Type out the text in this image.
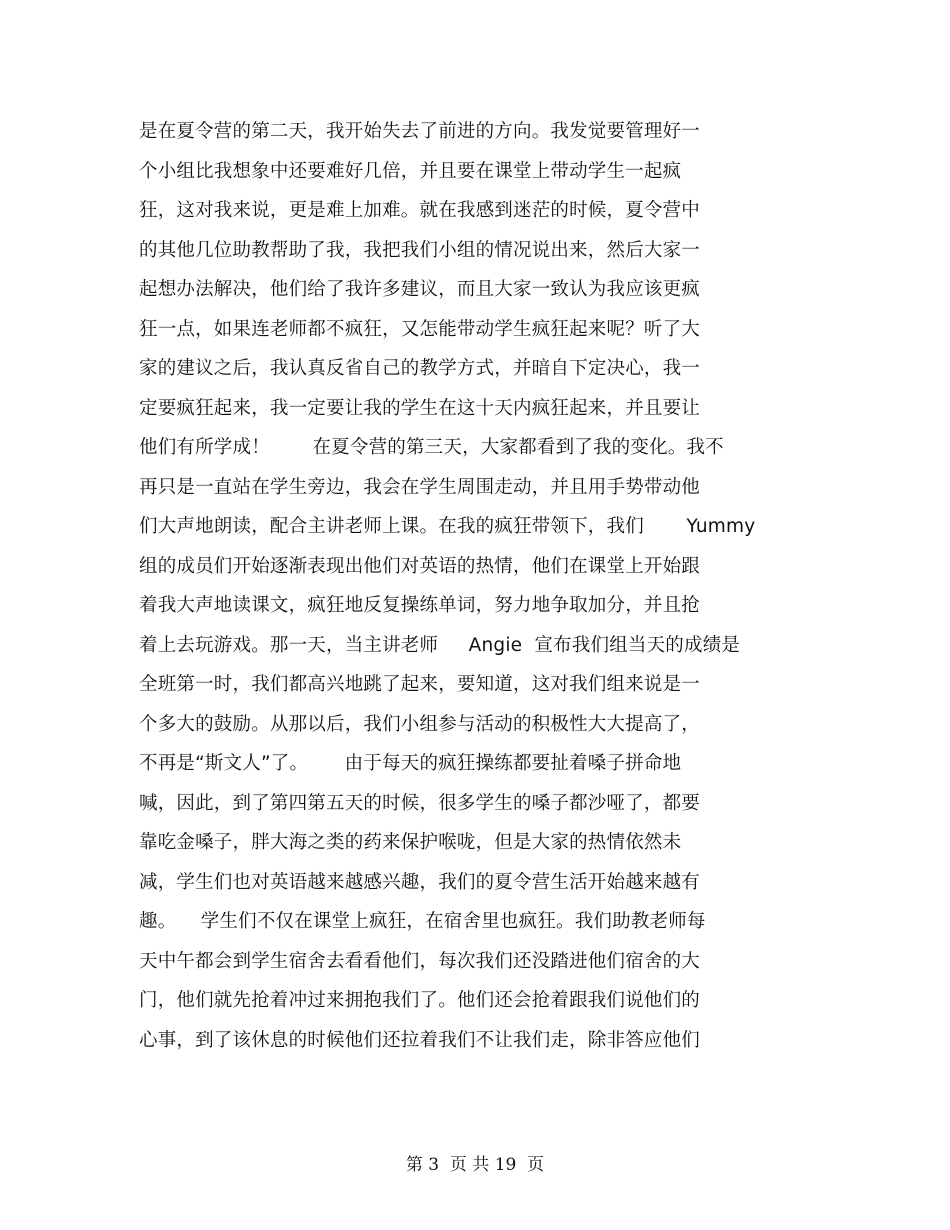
是在夏令营的第二天，我开始失去了前进的方向。我发觉要管理好一
个小组比我想象中还要难好几倍，并且要在课堂上带动学生一起疯
狂，这对我来说，更是难上加难。就在我感到迷茫的时候，夏令营中
的其他几位助教帮助了我，我把我们小组的情况说出来，然后大家一
起想办法解决，他们给了我许多建议，而且大家一致认为我应该更疯
狂一点，如果连老师都不疯狂，又怎能带动学生疯狂起来呢？听了大
家的建议之后，我认真反省自己的教学方式，并暗自下定决心，我一
定要疯狂起来，我一定要让我的学生在这十天内疯狂起来，并且要让
他们有所学成！       在夏令营的第三天，大家都看到了我的变化。我不
再只是一直站在学生旁边，我会在学生周围走动，并且用手势带动他
们大声地朗读，配合主讲老师上课。在我的疯狂带领下，我们       Yummy
组的成员们开始逐渐表现出他们对英语的热情，他们在课堂上开始跟
着我大声地读课文，疯狂地反复操练单词，努力地争取加分，并且抢
着上去玩游戏。那一天，当主讲老师     Angie  宣布我们组当天的成绩是
全班第一时，我们都高兴地跳了起来，要知道，这对我们组来说是一
个多大的鼓励。从那以后，我们小组参与活动的积极性大大提高了，
不再是“斯文人”了。      由于每天的疯狂操练都要扯着嗓子拼命地
喊，因此，到了第四第五天的时候，很多学生的嗓子都沙哑了，都要
靠吃金嗓子，胖大海之类的药来保护喉咙，但是大家的热情依然未
减，学生们也对英语越来越感兴趣，我们的夏令营生活开始越来越有
趣。    学生们不仅在课堂上疯狂，在宿舍里也疯狂。我们助教老师每
天中午都会到学生宿舍去看看他们，每次我们还没踏进他们宿舍的大
门，他们就先抢着冲过来拥抱我们了。他们还会抢着跟我们说他们的
心事，到了该休息的时候他们还拉着我们不让我们走，除非答应他们
第 3  页 共 19  页
